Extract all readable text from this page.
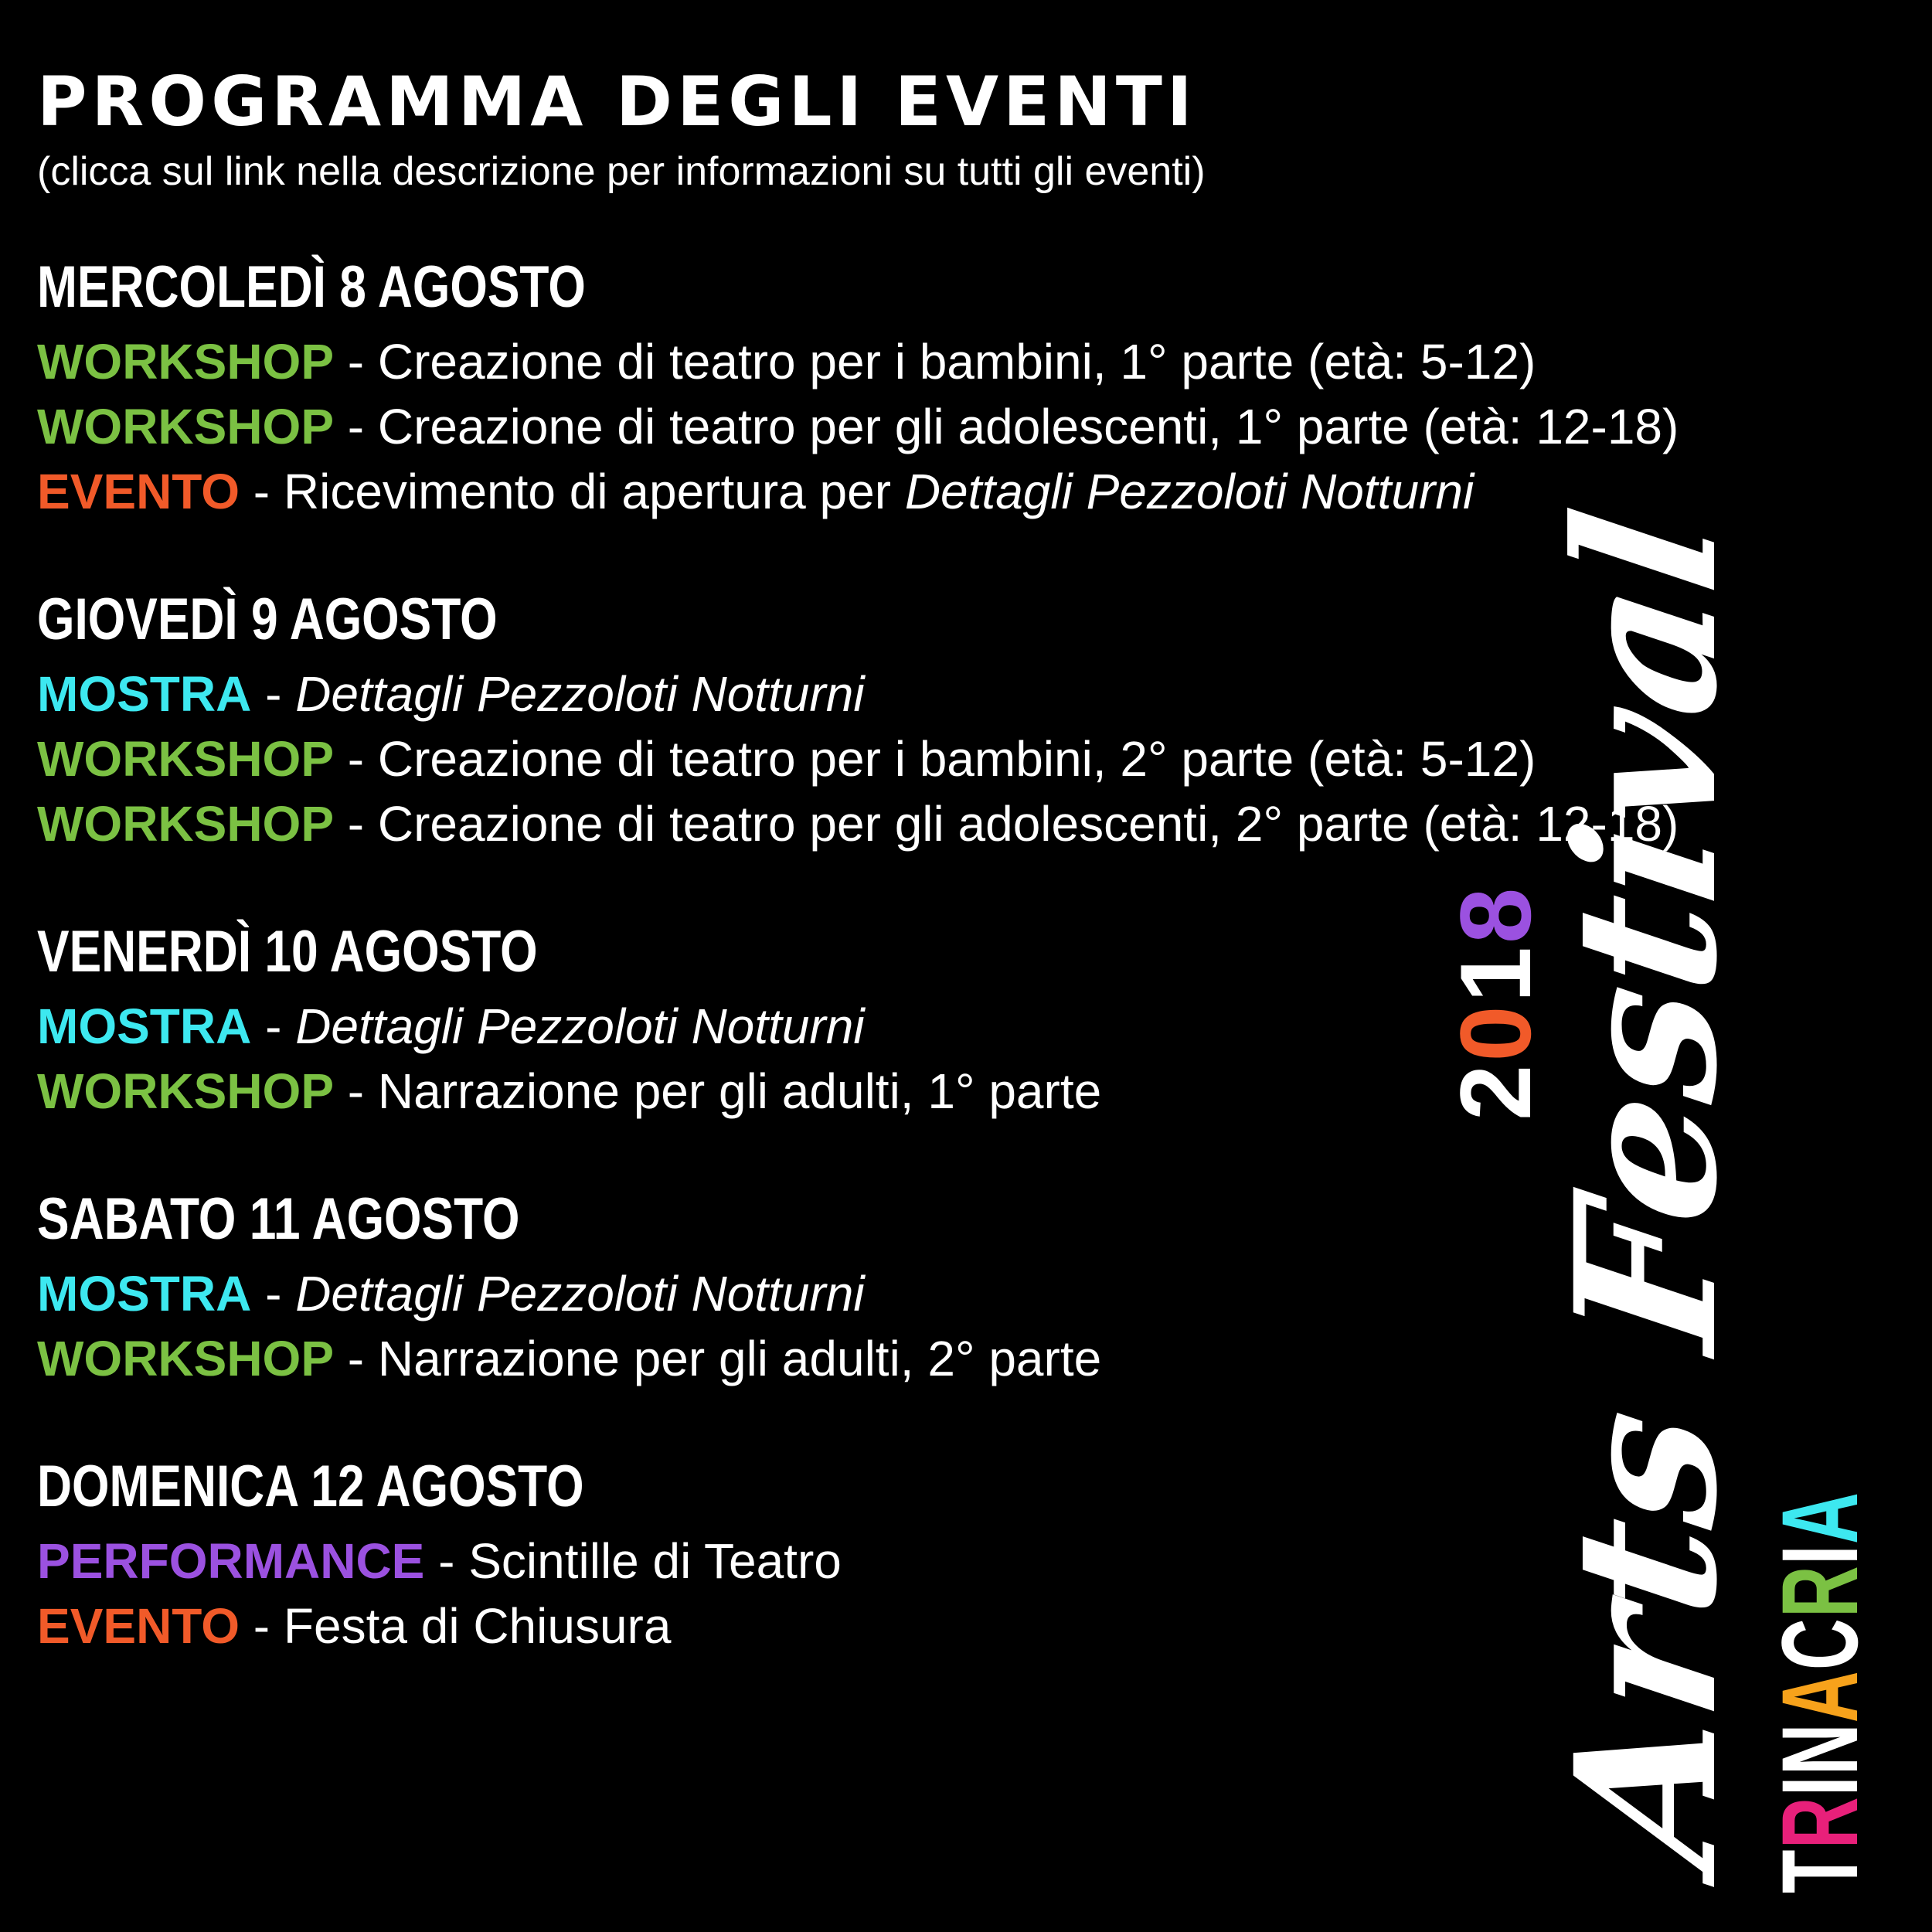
PROGRAMMA DEGLI EVENTI

(clicca sul link nella descrizione per informazioni su tutti gli eventi)

MERCOLEDÌ 8 AGOSTO
WORKSHOP - Creazione di teatro per i bambini, 1° parte (età: 5-12)
WORKSHOP - Creazione di teatro per gli adolescenti, 1° parte (età: 12-18)
EVENTO - Ricevimento di apertura per Dettagli Pezzoloti Notturni
GIOVEDÌ 9 AGOSTO
MOSTRA - Dettagli Pezzoloti Notturni
WORKSHOP - Creazione di teatro per i bambini, 2° parte (età: 5-12)
WORKSHOP - Creazione di teatro per gli adolescenti, 2° parte (età: 12-18)
VENERDÌ 10 AGOSTO
MOSTRA - Dettagli Pezzoloti Notturni
WORKSHOP - Narrazione per gli adulti, 1° parte
SABATO 11 AGOSTO
MOSTRA - Dettagli Pezzoloti Notturni
WORKSHOP - Narrazione per gli adulti, 2° parte
DOMENICA 12 AGOSTO
PERFORMANCE - Scintille di Teatro
EVENTO - Festa di Chiusura
2018
Arts Festival TRINACRIA
